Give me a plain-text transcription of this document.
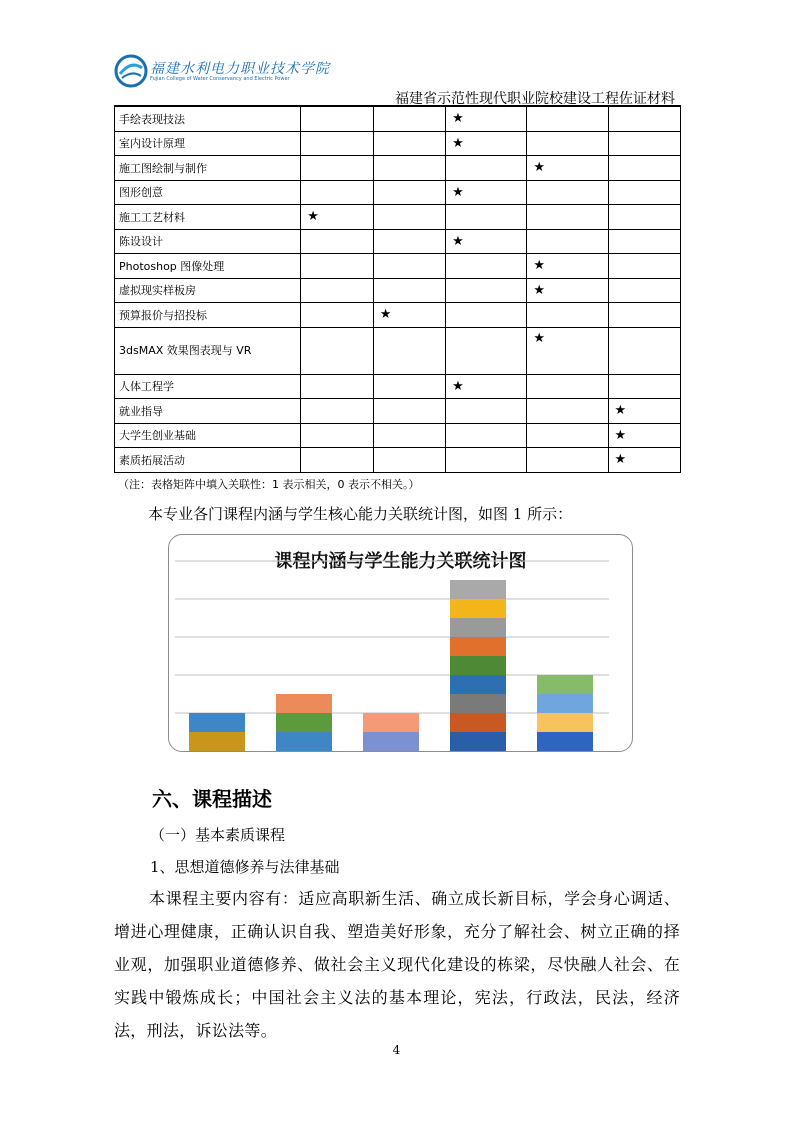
福建水利电力职业技术学院
Fujian College of Water Conservancy and Electric Power
福建省示范性现代职业院校建设工程佐证材料
手绘表现技法			★		
室内设计原理			★		
施工图绘制与制作				★	
图形创意			★		
施工工艺材料	★				
陈设设计			★		
Photoshop 图像处理				★	
虚拟现实样板房				★	
预算报价与招投标		★			
3dsMAX 效果图表现与 VR				★	
人体工程学			★		
就业指导					★
大学生创业基础					★
素质拓展活动					★
（注：表格矩阵中填入关联性：1 表示相关，0 表示不相关。）
本专业各门课程内涵与学生核心能力关联统计图，如图 1 所示：
课程内涵与学生能力关联统计图
六、课程描述
（一）基本素质课程
1、思想道德修养与法律基础
本课程主要内容有：适应高职新生活、确立成长新目标，学会身心调适、增进心理健康，正确认识自我、塑造美好形象，充分了解社会、树立正确的择业观，加强职业道德修养、做社会主义现代化建设的栋梁，尽快融人社会、在实践中锻炼成长；中国社会主义法的基本理论，宪法，行政法，民法，经济法，刑法，诉讼法等。
4
